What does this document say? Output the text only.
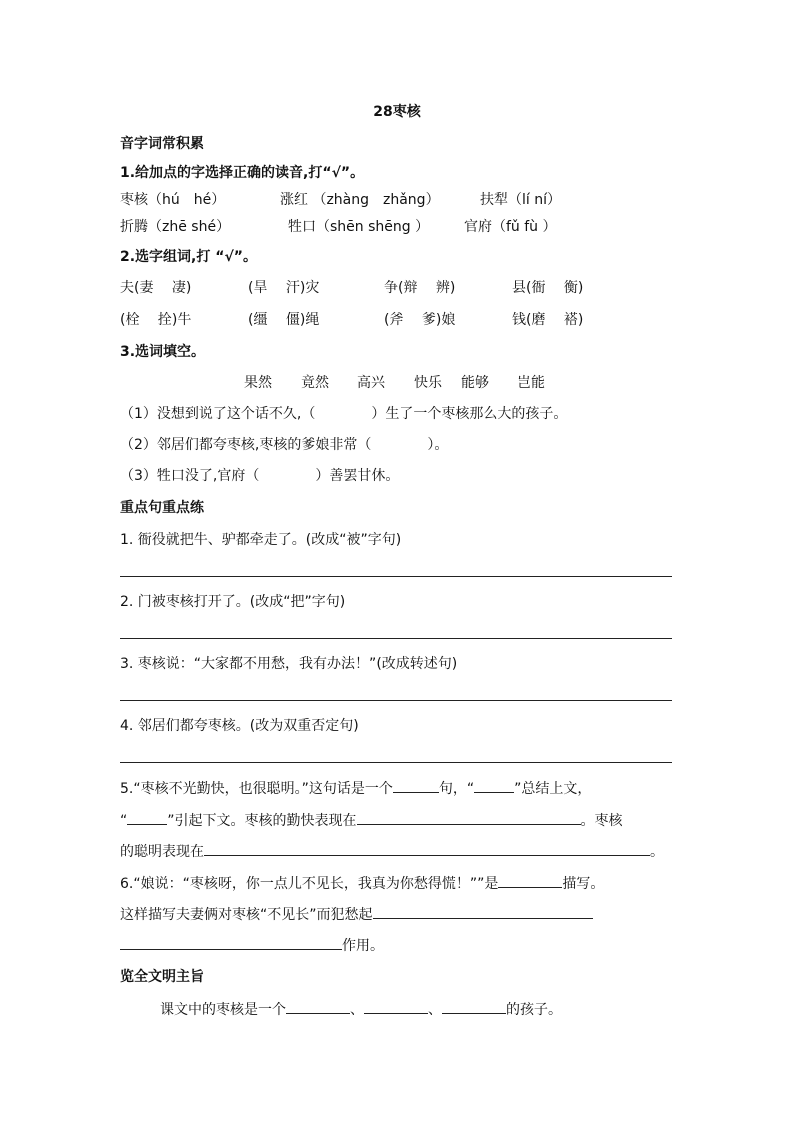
28枣核
音字词常积累
1.给加点的字选择正确的读音,打“√”。
枣核（hú　hé）	涨红 （zhàng　zhǎng）	扶犁（lí ní）
折腾（zhē shé）	牲口（shēn shēng ） 官府（fǔ fù ）
2.选字组词,打 “√”。
夫(妻　 凄)	(旱　 汗)灾	争(辩　 辨)	县(衙　 衡)
(栓　 拴)牛	(缰　 僵)绳	(斧　 爹)娘	钱(磨　 褡)
3.选词填空。
果然 竟然 高兴 快乐 能够 岂能
（1）没想到说了这个话不久,（　　　　）生了一个枣核那么大的孩子。
（2）邻居们都夸枣核,枣核的爹娘非常（　　　　）。
（3）牲口没了,官府（　　　　）善罢甘休。
重点句重点练
1. 衙役就把牛、驴都牵走了。(改成“被”字句)
2. 门被枣核打开了。(改成“把”字句)
3. 枣核说：“大家都不用愁，我有办法！”(改成转述句)
4. 邻居们都夸枣核。(改为双重否定句)
5.“枣核不光勤快，也很聪明。”这句话是一个	句，“	”总结上文，
“	”引起下文。枣核的勤快表现在	。枣核
的聪明表现在	。
6.“娘说：“枣核呀，你一点儿不见长，我真为你愁得慌！””是	描写。
这样描写夫妻俩对枣核“不见长”而犯愁起
作用。
览全文明主旨
课文中的枣核是一个	、	、	的孩子。
